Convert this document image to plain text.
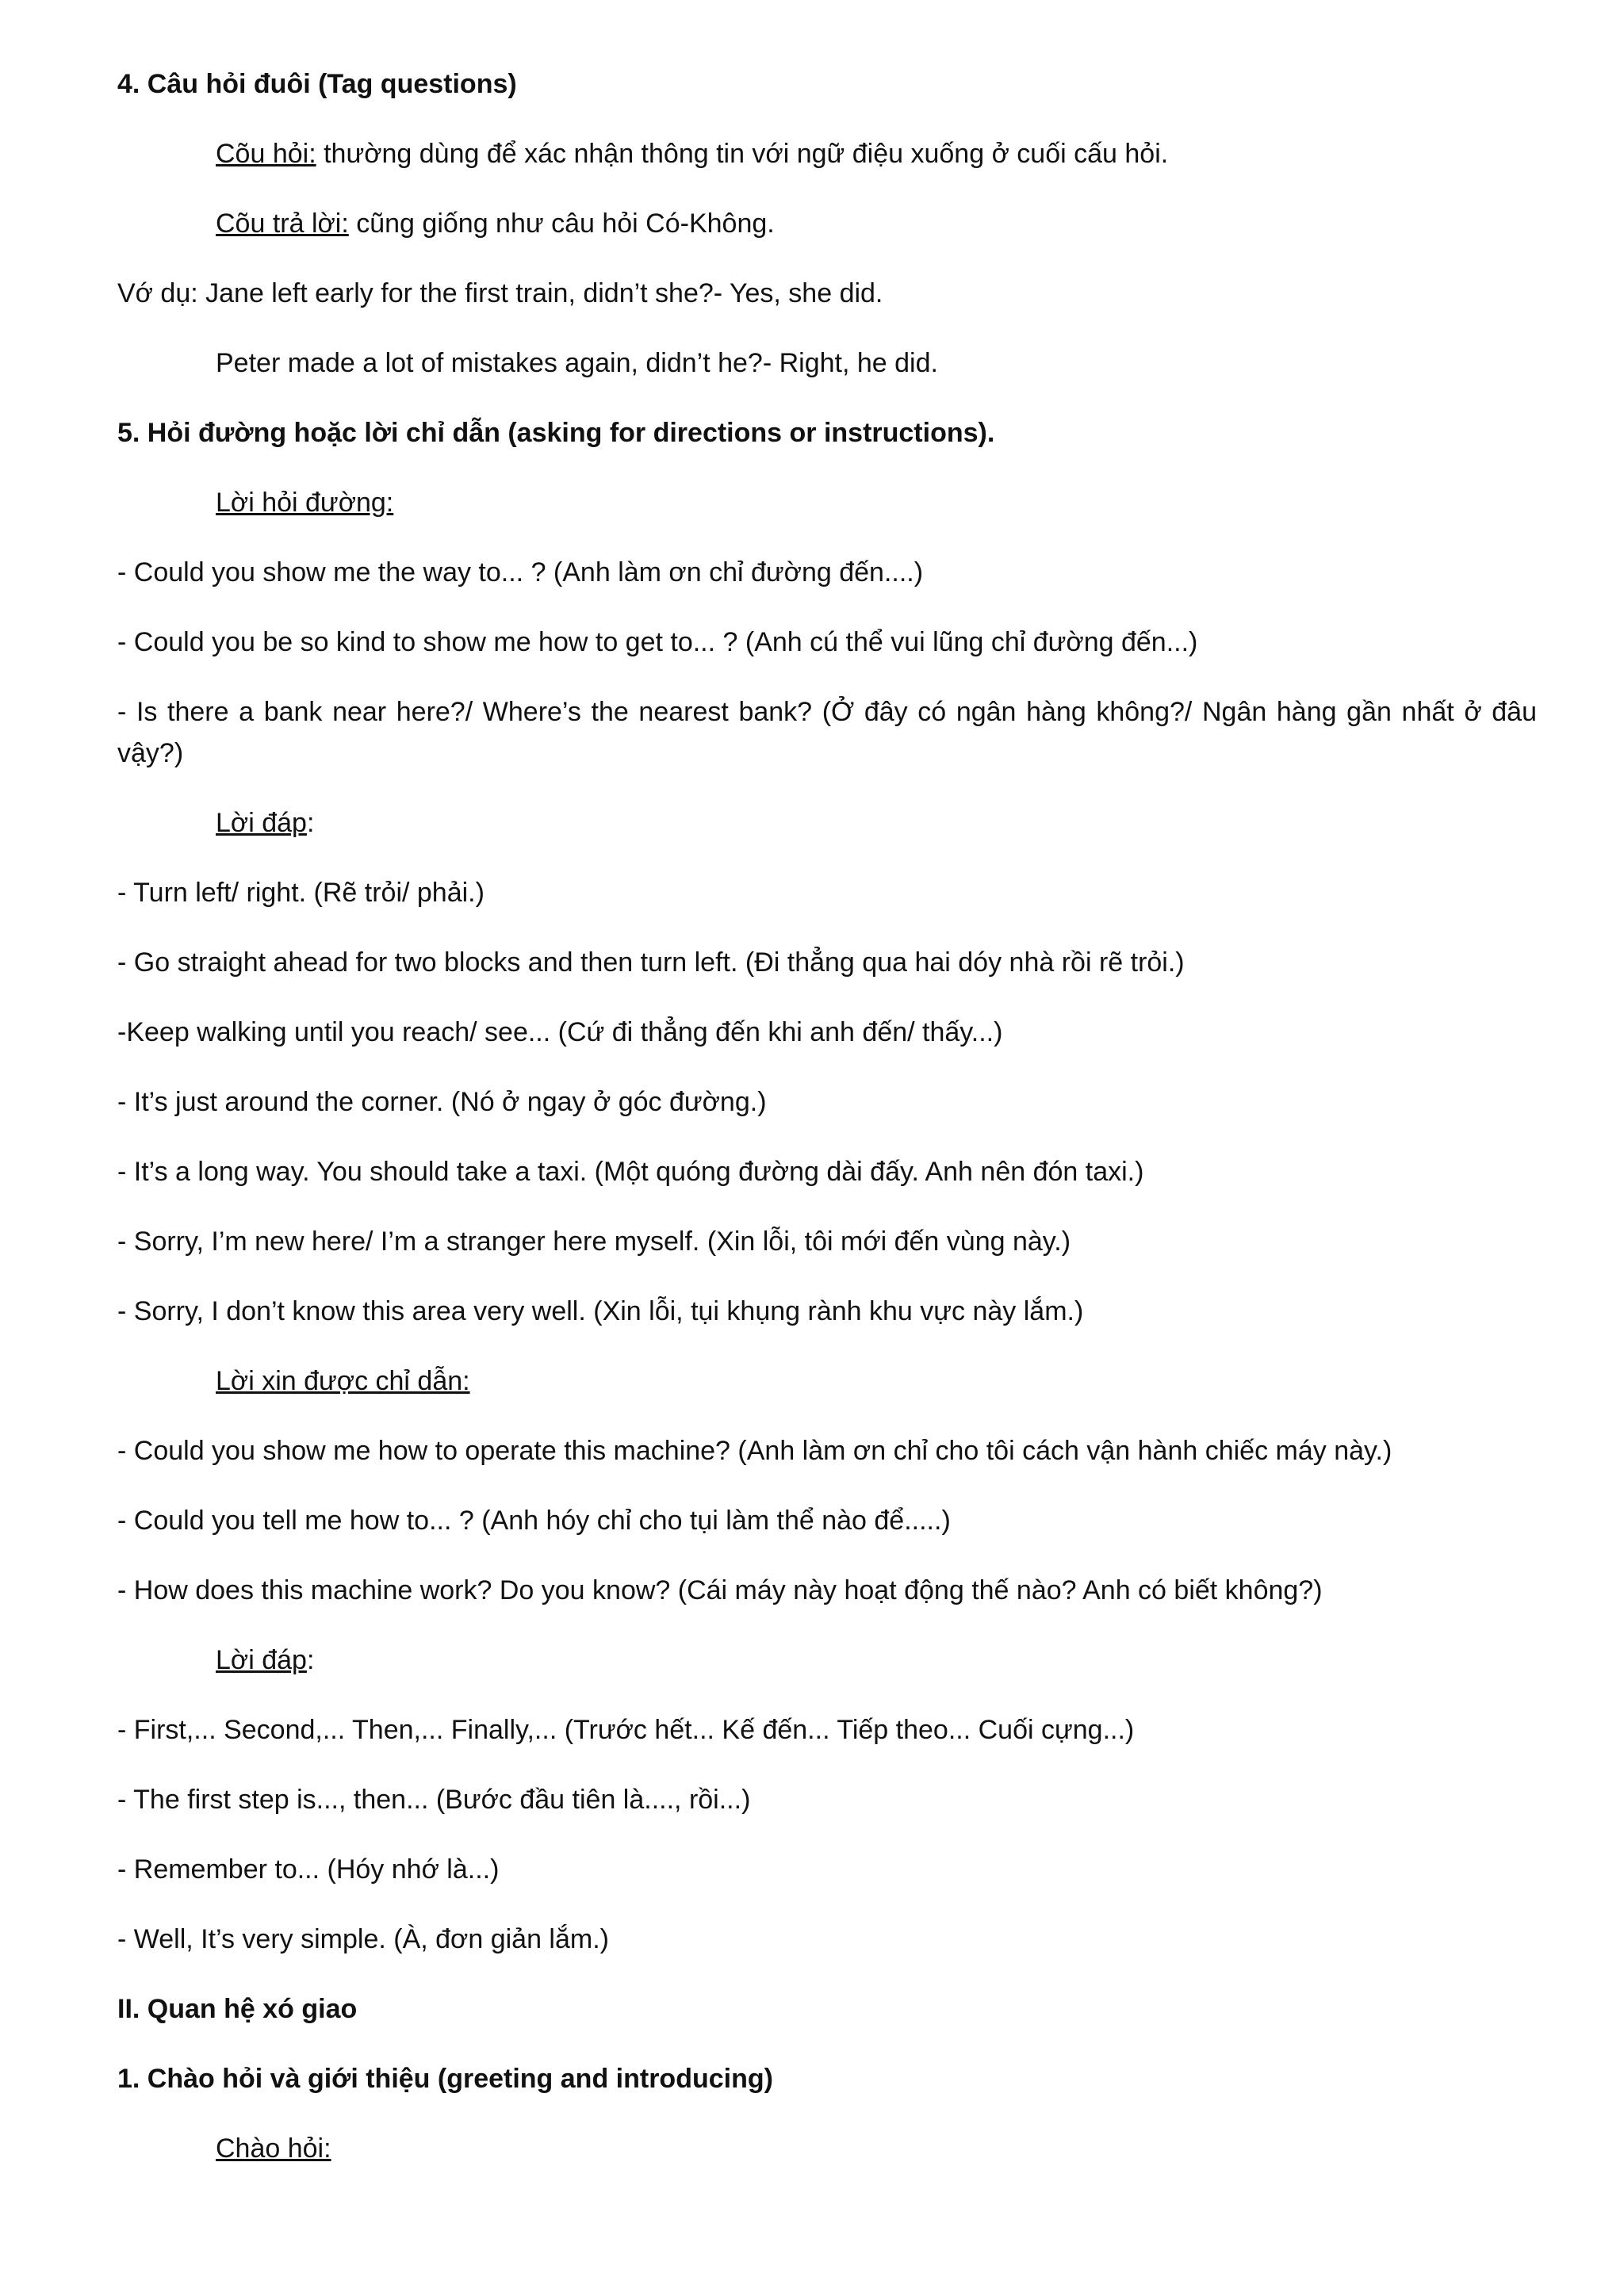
4. Câu hỏi đuôi (Tag questions)

Cõu hỏi: thường dùng để xác nhận thông tin với ngữ điệu xuống ở cuối cấu hỏi.

Cõu trả lời: cũng giống như câu hỏi Có-Không.

Vớ dụ: Jane left early for the first train, didn’t she?- Yes, she did.

Peter made a lot of mistakes again, didn’t he?- Right, he did.

5. Hỏi đường hoặc lời chỉ dẫn (asking for directions or instructions).

Lời hỏi đường:

- Could you show me the way to... ? (Anh làm ơn chỉ đường đến....)

- Could you be so kind to show me how to get to... ? (Anh cú thể vui lũng chỉ đường đến...)

- Is there a bank near here?/ Where’s the nearest bank? (Ở đây có ngân hàng không?/ Ngân hàng gần nhất ở đâu vậy?)

Lời đáp:

- Turn left/ right. (Rẽ trỏi/ phải.)

- Go straight ahead for two blocks and then turn left. (Đi thẳng qua hai dóy nhà rồi rẽ trỏi.)

-Keep walking until you reach/ see... (Cứ đi thẳng đến khi anh đến/ thấy...)

- It’s just around the corner. (Nó ở ngay ở góc đường.)

- It’s a long way. You should take a taxi. (Một quóng đường dài đấy. Anh nên đón taxi.)

- Sorry, I’m new here/ I’m a stranger here myself. (Xin lỗi, tôi mới đến vùng này.)

- Sorry, I don’t know this area very well. (Xin lỗi, tụi khụng rành khu vực này lắm.)

Lời xin được chỉ dẫn:

- Could you show me how to operate this machine? (Anh làm ơn chỉ cho tôi cách vận hành chiếc máy này.)

- Could you tell me how to... ? (Anh hóy chỉ cho tụi làm thể nào để.....)

- How does this machine work? Do you know? (Cái máy này hoạt động thế nào? Anh có biết không?)

Lời đáp:

- First,... Second,... Then,... Finally,... (Trước hết... Kế đến... Tiếp theo... Cuối cựng...)

- The first step is..., then... (Bước đầu tiên là...., rồi...)

- Remember to... (Hóy nhớ là...)

- Well, It’s very simple. (À, đơn giản lắm.)

II. Quan hệ xó giao

1. Chào hỏi và giới thiệu (greeting and introducing)

Chào hỏi:
